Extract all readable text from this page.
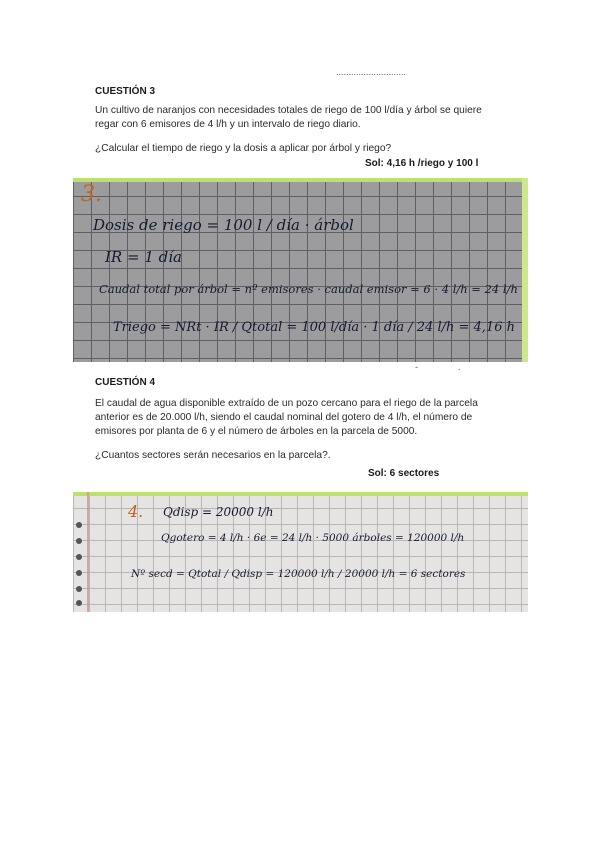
............................
CUESTIÓN 3
Un cultivo de naranjos con necesidades totales de riego de 100 l/día y árbol se quiere
regar con 6 emisores de 4 l/h y un intervalo de riego diario.
¿Calcular el tiempo de riego y la dosis a aplicar por árbol y riego?
Sol: 4,16 h /riego y 100 l
3.
Dosis de riego = 100 l / día · árbol
IR = 1 día
Caudal total por árbol = nº emisores · caudal emisor = 6 · 4 l/h = 24 l/h
Triego = NRt · IR / Qtotal = 100 l/día · 1 día / 24 l/h = 4,16 h
-	.
CUESTIÓN 4
El caudal de agua disponible extraído de un pozo cercano para el riego de la parcela
anterior es de 20.000 l/h, siendo el caudal nominal del gotero de 4 l/h, el número de
emisores por planta de 6 y el número de árboles en la parcela de 5000.
¿Cuantos sectores serán necesarios en la parcela?.
Sol: 6 sectores
4. Qdisp = 20000 l/h
Qgotero = 4 l/h · 6e = 24 l/h · 5000 árboles = 120000 l/h
Nº secd = Qtotal / Qdisp = 120000 l/h / 20000 l/h = 6 sectores
